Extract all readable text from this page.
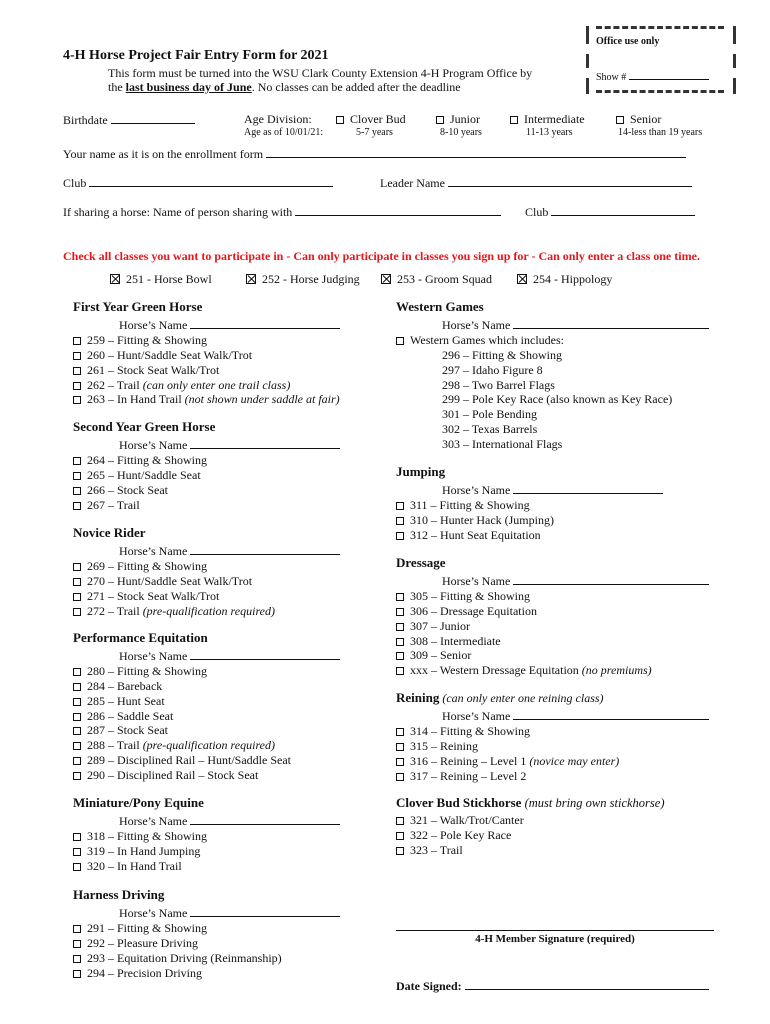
Office use only
Show #
4-H Horse Project Fair Entry Form for 2021
This form must be turned into the WSU Clark County Extension 4-H Program Office by
the last business day of June. No classes can be added after the deadline
Birthdate	Age Division:
Age as of 10/01/21:
Clover Bud
5-7 years
Junior
8-10 years
Intermediate
11-13 years
Senior
14-less than 19 years
Your name as it is on the enrollment form
Club	Leader Name
If sharing a horse: Name of person sharing with	Club
Check all classes you want to participate in - Can only participate in classes you sign up for - Can only enter a class one time.
251 - Horse Bowl	252 - Horse Judging	253 - Groom Squad	254 - Hippology
First Year Green Horse
Horse’s Name
259 – Fitting & Showing
260 – Hunt/Saddle Seat Walk/Trot
261 – Stock Seat Walk/Trot
262 – Trail (can only enter one trail class)
263 – In Hand Trail (not shown under saddle at fair)
Second Year Green Horse
Horse’s Name
264 – Fitting & Showing
265 – Hunt/Saddle Seat
266 – Stock Seat
267 – Trail
Novice Rider
Horse’s Name
269 – Fitting & Showing
270 – Hunt/Saddle Seat Walk/Trot
271 – Stock Seat Walk/Trot
272 – Trail (pre-qualification required)
Performance Equitation
Horse’s Name
280 – Fitting & Showing
284 – Bareback
285 – Hunt Seat
286 – Saddle Seat
287 – Stock Seat
288 – Trail (pre-qualification required)
289 – Disciplined Rail – Hunt/Saddle Seat
290 – Disciplined Rail – Stock Seat
Miniature/Pony Equine
Horse’s Name
318 – Fitting & Showing
319 – In Hand Jumping
320 – In Hand Trail
Harness Driving
Horse’s Name
291 – Fitting & Showing
292 – Pleasure Driving
293 – Equitation Driving (Reinmanship)
294 – Precision Driving
Western Games
Horse’s Name
Western Games which includes:
296 – Fitting & Showing
297 – Idaho Figure 8
298 – Two Barrel Flags
299 – Pole Key Race (also known as Key Race)
301 – Pole Bending
302 – Texas Barrels
303 – International Flags
Jumping
Horse’s Name
311 – Fitting & Showing
310 – Hunter Hack (Jumping)
312 – Hunt Seat Equitation
Dressage
Horse’s Name
305 – Fitting & Showing
306 – Dressage Equitation
307 – Junior
308 – Intermediate
309 – Senior
xxx – Western Dressage Equitation (no premiums)
Reining (can only enter one reining class)
Horse’s Name
314 – Fitting & Showing
315 – Reining
316 – Reining – Level 1 (novice may enter)
317 – Reining – Level 2
Clover Bud Stickhorse (must bring own stickhorse)
321 – Walk/Trot/Canter
322 – Pole Key Race
323 – Trail
4-H Member Signature (required)
Date Signed:
